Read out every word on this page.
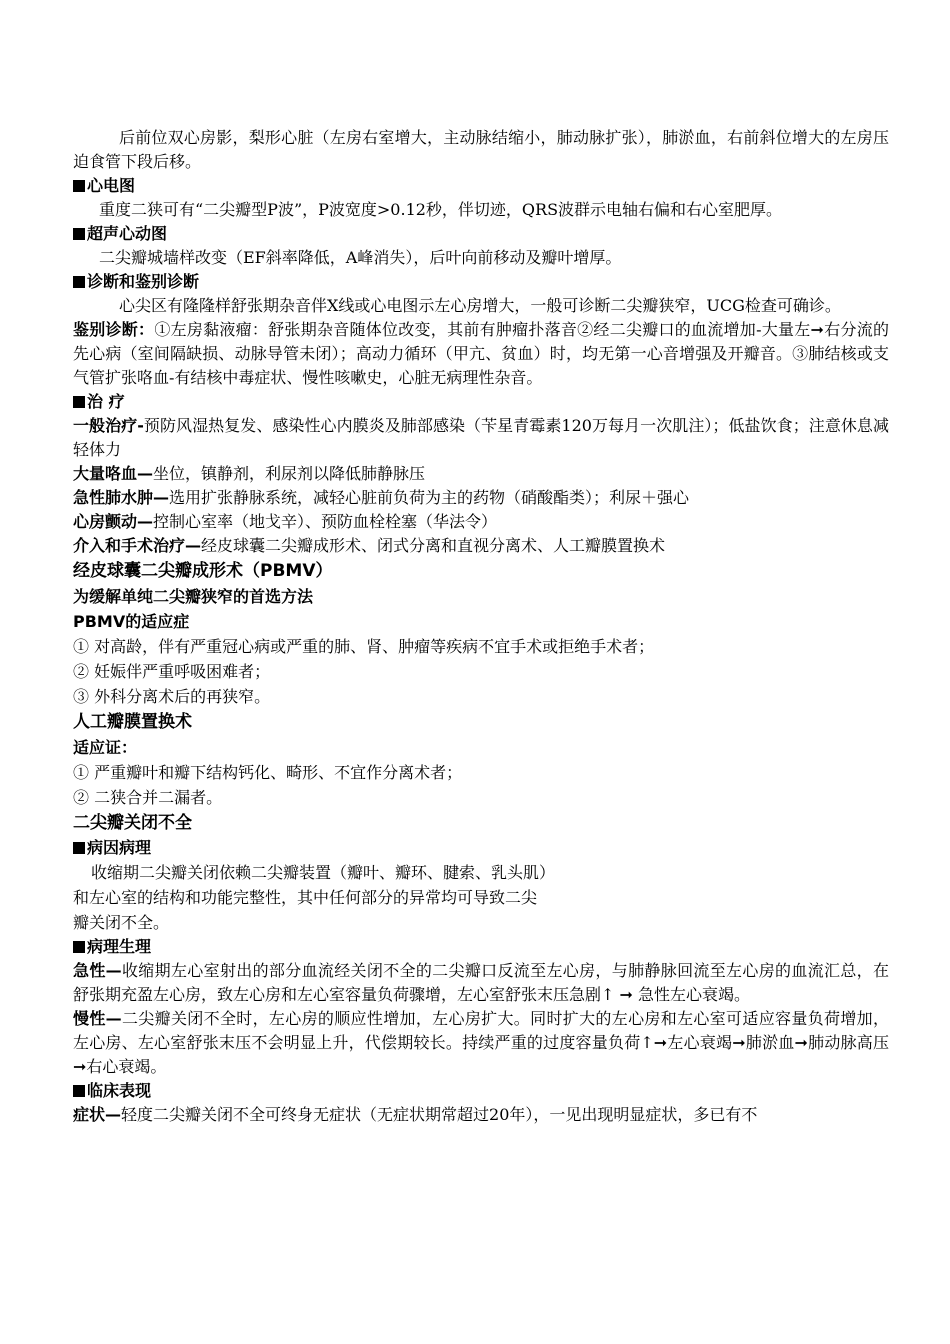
后前位双心房影，梨形心脏（左房右室增大，主动脉结缩小，肺动脉扩张），肺淤血，右前斜位增大的左房压迫食管下段后移。

心电图

重度二狭可有“二尖瓣型P波”，P波宽度>0.12秒，伴切迹，QRS波群示电轴右偏和右心室肥厚。

超声心动图

二尖瓣城墙样改变（EF斜率降低，A峰消失），后叶向前移动及瓣叶增厚。

诊断和鉴别诊断

心尖区有隆隆样舒张期杂音伴X线或心电图示左心房增大，一般可诊断二尖瓣狭窄，UCG检查可确诊。

鉴别诊断：①左房黏液瘤：舒张期杂音随体位改变，其前有肿瘤扑落音②经二尖瓣口的血流增加-大量左➞右分流的先心病（室间隔缺损、动脉导管未闭）；高动力循环（甲亢、贫血）时，均无第一心音增强及开瓣音。③肺结核或支气管扩张咯血-有结核中毒症状、慢性咳嗽史，心脏无病理性杂音。

治 疗

一般治疗-预防风湿热复发、感染性心内膜炎及肺部感染（苄星青霉素120万每月一次肌注）；低盐饮食；注意休息减轻体力

大量咯血—坐位，镇静剂，利尿剂以降低肺静脉压

急性肺水肿—选用扩张静脉系统，减轻心脏前负荷为主的药物（硝酸酯类）；利尿＋强心

心房颤动—控制心室率（地戈辛）、预防血栓栓塞（华法令）

介入和手术治疗—经皮球囊二尖瓣成形术、闭式分离和直视分离术、人工瓣膜置换术

经皮球囊二尖瓣成形术（PBMV）

为缓解单纯二尖瓣狭窄的首选方法

PBMV的适应症

① 对高龄，伴有严重冠心病或严重的肺、肾、肿瘤等疾病不宜手术或拒绝手术者；

② 妊娠伴严重呼吸困难者；

③ 外科分离术后的再狭窄。

人工瓣膜置换术

适应证：

① 严重瓣叶和瓣下结构钙化、畸形、不宜作分离术者；

② 二狭合并二漏者。

二尖瓣关闭不全

病因病理

收缩期二尖瓣关闭依赖二尖瓣装置（瓣叶、瓣环、腱索、乳头肌）

和左心室的结构和功能完整性，其中任何部分的异常均可导致二尖

瓣关闭不全。

病理生理

急性—收缩期左心室射出的部分血流经关闭不全的二尖瓣口反流至左心房，与肺静脉回流至左心房的血流汇总，在舒张期充盈左心房，致左心房和左心室容量负荷骤增，左心室舒张末压急剧↑ ➞ 急性左心衰竭。

慢性—二尖瓣关闭不全时，左心房的顺应性增加，左心房扩大。同时扩大的左心房和左心室可适应容量负荷增加，左心房、左心室舒张末压不会明显上升，代偿期较长。持续严重的过度容量负荷↑➞左心衰竭➞肺淤血➞肺动脉高压➞右心衰竭。

临床表现

症状—轻度二尖瓣关闭不全可终身无症状（无症状期常超过20年），一见出现明显症状，多已有不
